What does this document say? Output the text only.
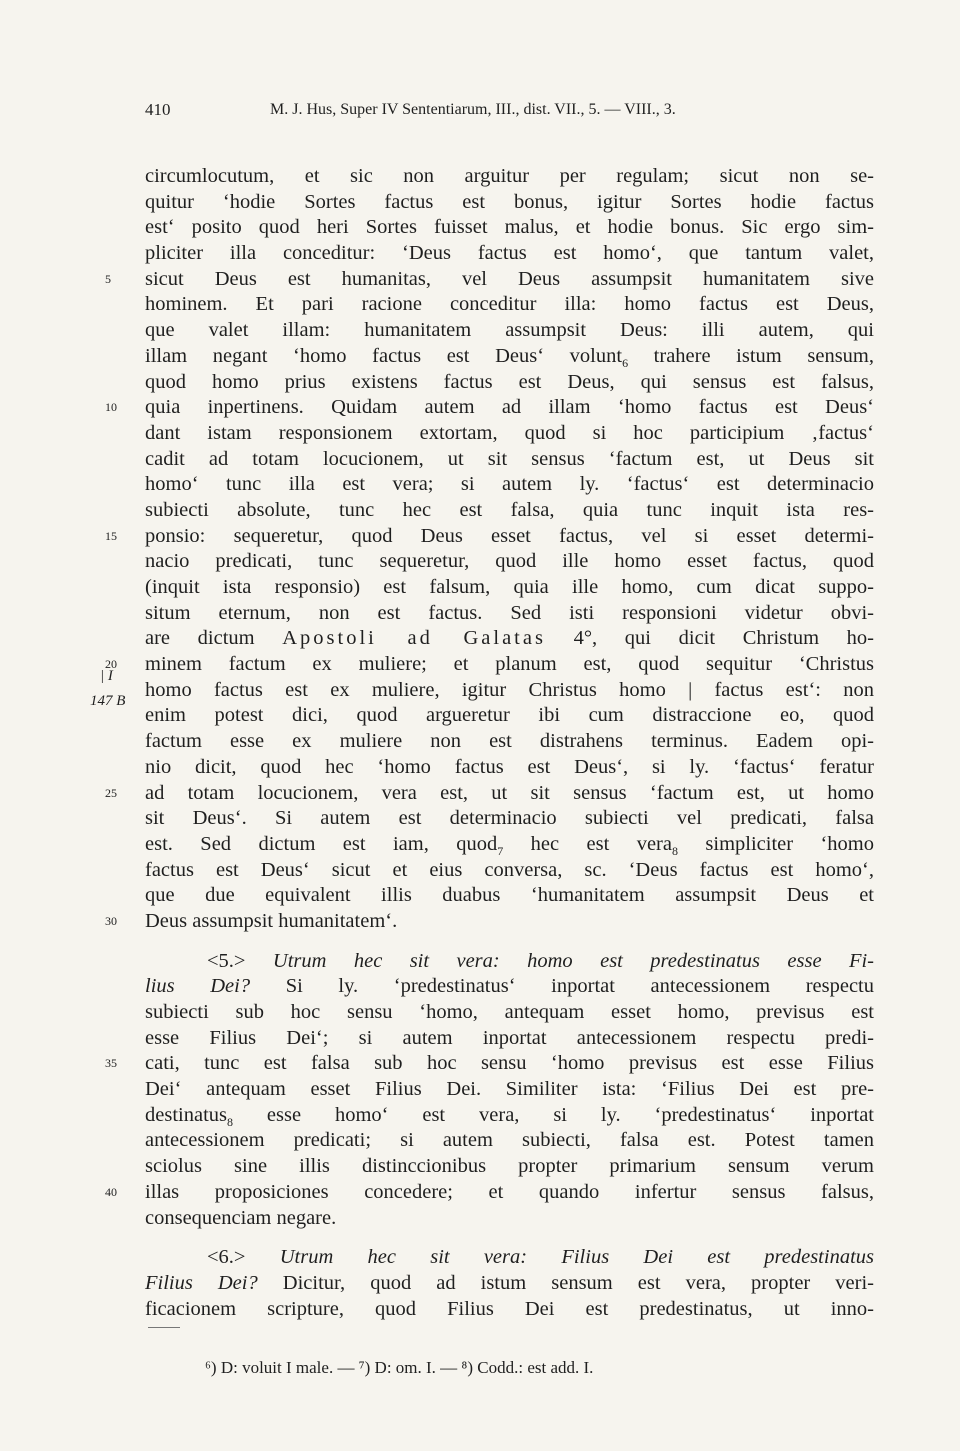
410	M. J. Hus, Super IV Sententiarum, III., dist. VII., 5. — VIII., 3.
circumlocutum, et sic non arguitur per regulam; sicut non se-
quitur ‘hodie Sortes factus est bonus, igitur Sortes hodie factus
est‘ posito quod heri Sortes fuisset malus, et hodie bonus. Sic ergo sim-
pliciter illa conceditur: ‘Deus factus est homo‘, que tantum valet,
5	sicut Deus est humanitas, vel Deus assumpsit humanitatem sive
hominem. Et pari racione conceditur illa: homo factus est Deus,
que valet illam: humanitatem assumpsit Deus: illi autem, qui
illam negant ‘homo factus est Deus‘ volunt$_6$ trahere istum sensum,
quod homo prius existens factus est Deus, qui sensus est falsus,
10	quia inpertinens. Quidam autem ad illam ‘homo factus est Deus‘
dant istam responsionem extortam, quod si hoc participium ‚factus‘
cadit ad totam locucionem, ut sit sensus ‘factum est, ut Deus sit
homo‘ tunc illa est vera; si autem ly. ‘factus‘ est determinacio
subiecti absolute, tunc hec est falsa, quia tunc inquit ista res-
15	ponsio: sequeretur, quod Deus esset factus, vel si esset determi-
nacio predicati, tunc sequeretur, quod ille homo esset factus, quod
(inquit ista responsio) est falsum, quia ille homo, cum dicat suppo-
situm eternum, non est factus. Sed isti responsioni videtur obvi-
are dictum Apostoli ad Galatas 4°, qui dicit Christum ho-
20	minem factum ex muliere; et planum est, quod sequitur ‘Christus
homo factus est ex muliere, igitur Christus homo | factus est‘: non
enim potest dici, quod argueretur ibi cum distraccione eo, quod
factum esse ex muliere non est distrahens terminus. Eadem opi-
nio dicit, quod hec ‘homo factus est Deus‘, si ly. ‘factus‘ feratur
25	ad totam locucionem, vera est, ut sit sensus ‘factum est, ut homo
sit Deus‘. Si autem est determinacio subiecti vel predicati, falsa
est. Sed dictum est iam, quod$_7$ hec est vera$_8$ simpliciter ‘homo
factus est Deus‘ sicut et eius conversa, sc. ‘Deus factus est homo‘,
que due equivalent illis duabus ‘humanitatem assumpsit Deus et
30	Deus assumpsit humanitatem‘.
<5.> Utrum hec sit vera: homo est predestinatus esse Fi-
lius Dei? Si ly. ‘predestinatus‘ inportat antecessionem respectu
subiecti sub hoc sensu ‘homo, antequam esset homo, previsus est
esse Filius Dei‘; si autem inportat antecessionem respectu predi-
35	cati, tunc est falsa sub hoc sensu ‘homo previsus est esse Filius
Dei‘ antequam esset Filius Dei. Similiter ista: ‘Filius Dei est pre-
destinatus$_8$ esse homo‘ est vera, si ly. ‘predestinatus‘ inportat
antecessionem predicati; si autem subiecti, falsa est. Potest tamen
sciolus sine illis distinccionibus propter primarium sensum verum
40	illas proposiciones concedere; et quando infertur sensus falsus,
consequenciam negare.
<6.> Utrum hec sit vera: Filius Dei est predestinatus
Filius Dei? Dicitur, quod ad istum sensum est vera, propter veri-
ficacionem scripture, quod Filius Dei est predestinatus, ut inno-
| I
147 B
⁶) D: voluit I male. — ⁷) D: om. I. — ⁸) Codd.: est add. I.
